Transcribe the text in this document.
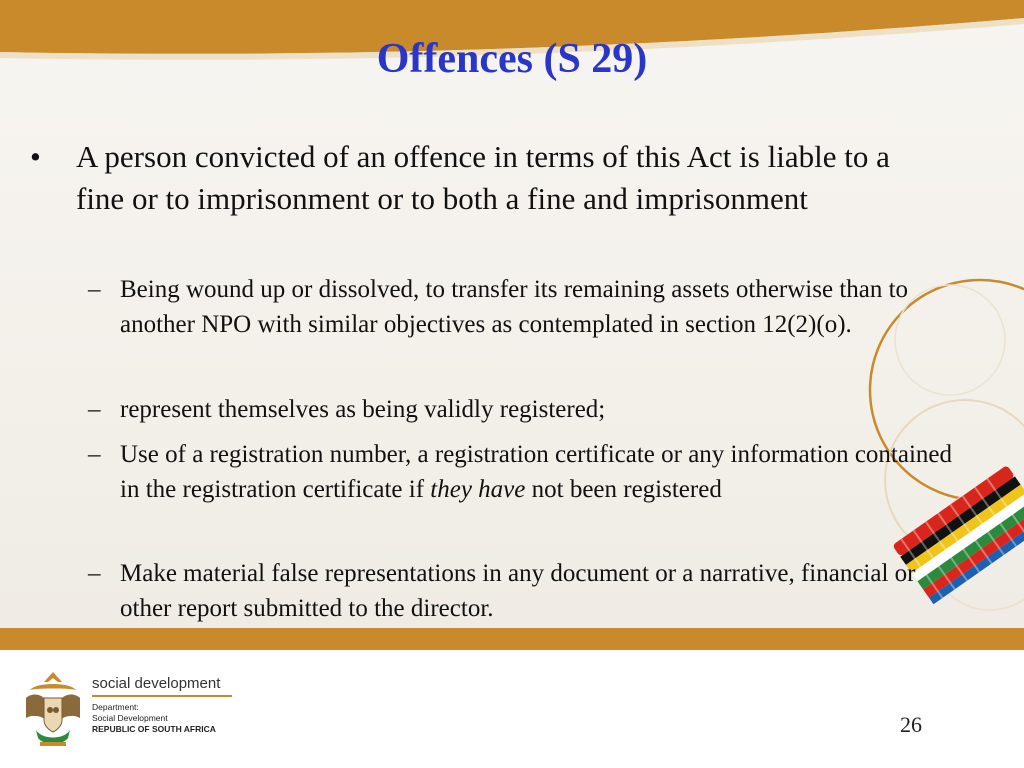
Offences (S 29)
• A person convicted of an offence in terms of this Act is liable to a fine or to imprisonment or to both a fine and imprisonment
– Being wound up or dissolved, to transfer its remaining assets otherwise than to another NPO with similar objectives as contemplated in section 12(2)(o).
– represent themselves as being validly registered;
– Use of a registration number, a registration certificate or any information contained in the registration certificate if they have not been registered
– Make material false representations in any document or a narrative, financial or other report submitted to the director.
social development
Department:
Social Development
REPUBLIC OF SOUTH AFRICA	26
